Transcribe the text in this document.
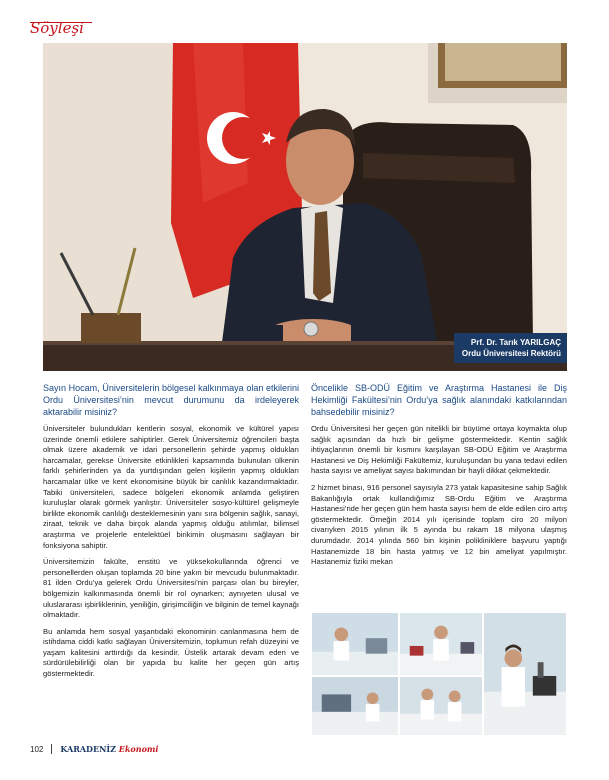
Söyleşi
Prf. Dr. Tarık YARILGAÇ
Ordu Üniversitesi Rektörü
Sayın Hocam, Üniversitelerin bölgesel kalkınmaya olan etkilerini Ordu Üniversitesi’nin mevcut durumunu da irdeleyerek aktarabilir misiniz?
Üniversiteler bulundukları kentlerin sosyal, ekonomik ve kültürel yapısı üzerinde önemli etkilere sahiptirler. Gerek Üniversitemiz öğrencileri başta olmak üzere akademik ve idari personellerin şehirde yapmış oldukları harcamalar, gerekse Üniversite etkinlikleri kapsamında bulunulan ülkenin farklı şehirlerinden ya da yurtdışından gelen kişilerin yapmış oldukları harcamalar ülke ve kent ekonomisine büyük bir canlılık kazandırmaktadır. Tabiki üniversiteleri, sadece bölgeleri ekonomik anlamda geliştiren kuruluşlar olarak görmek yanlıştır. Üniversiteler sosyo-kültürel gelişmeyle birlikte ekonomik canlılığı desteklemesinin yanı sıra bölgenin sağlık, sanayi, ziraat, teknik ve daha birçok alanda yapmış olduğu atılımlar, bilimsel araştırma ve projelerle entelektüel birikimin oluşmasını sağlayan bir fonksiyona sahiptir.
Üniversitemizin fakülte, enstitü ve yüksekokullarında öğrenci ve personellerden oluşan toplamda 20 bine yakın bir mevcudu bulunmaktadır. 81 ilden Ordu’ya gelerek Ordu Üniversitesi’nin parçası olan bu bireyler, bölgemizin kalkınmasında önemli bir rol oynarken; aynıyeten ulusal ve uluslararası işbirliklerinin, yeniliğin, girişimciliğin ve bilginin de temel kaynağı olmaktadır.
Bu anlamda hem sosyal yaşantıdaki ekonominin canlanmasına hem de istihdama ciddi katkı sağlayan Üniversitemizin, toplumun refah düzeyini ve yaşam kalitesini arttırdığı da kesindir. Üstelik artarak devam eden ve sürdürülebilirliği olan bir yapıda bu kalite her geçen gün artış göstermektedir.
Öncelikle SB-ODÜ Eğitim ve Araştırma Hastanesi ile Diş Hekimliği Fakültesi’nin Ordu’ya sağlık alanındaki katkılarından bahsedebilir misiniz?
Ordu Üniversitesi her geçen gün nitelikli bir büyüme ortaya koymakta olup sağlık açısından da hızlı bir gelişme göstermektedir. Kentin sağlık ihtiyaçlarının önemli bir kısmını karşılayan SB-ODÜ Eğitim ve Araştırma Hastanesi ve Diş Hekimliği Fakültemiz, kuruluşundan bu yana tedavi edilen hasta sayısı ve ameliyat sayısı bakımından bir hayli dikkat çekmektedir.
2 hizmet binası, 916 personel sayısıyla 273 yatak kapasitesine sahip Sağlık Bakanlığıyla ortak kullandığımız SB-Ordu Eğitim ve Araştırma Hastanesi’nde her geçen gün hem hasta sayısı hem de elde edilen ciro artış göstermektedir. Örneğin 2014 yılı içerisinde toplam ciro 20 milyon civarıyken 2015 yılının ilk 5 ayında bu rakam 18 milyona ulaşmış durumdadır. 2014 yılında 560 bin kişinin polikliniklere başvuru yaptığı Hastanemizde 18 bin hasta yatmış ve 12 bin ameliyat yapılmıştır. Hastanemiz fiziki mekan
102 KARADENİZ Ekonomi
